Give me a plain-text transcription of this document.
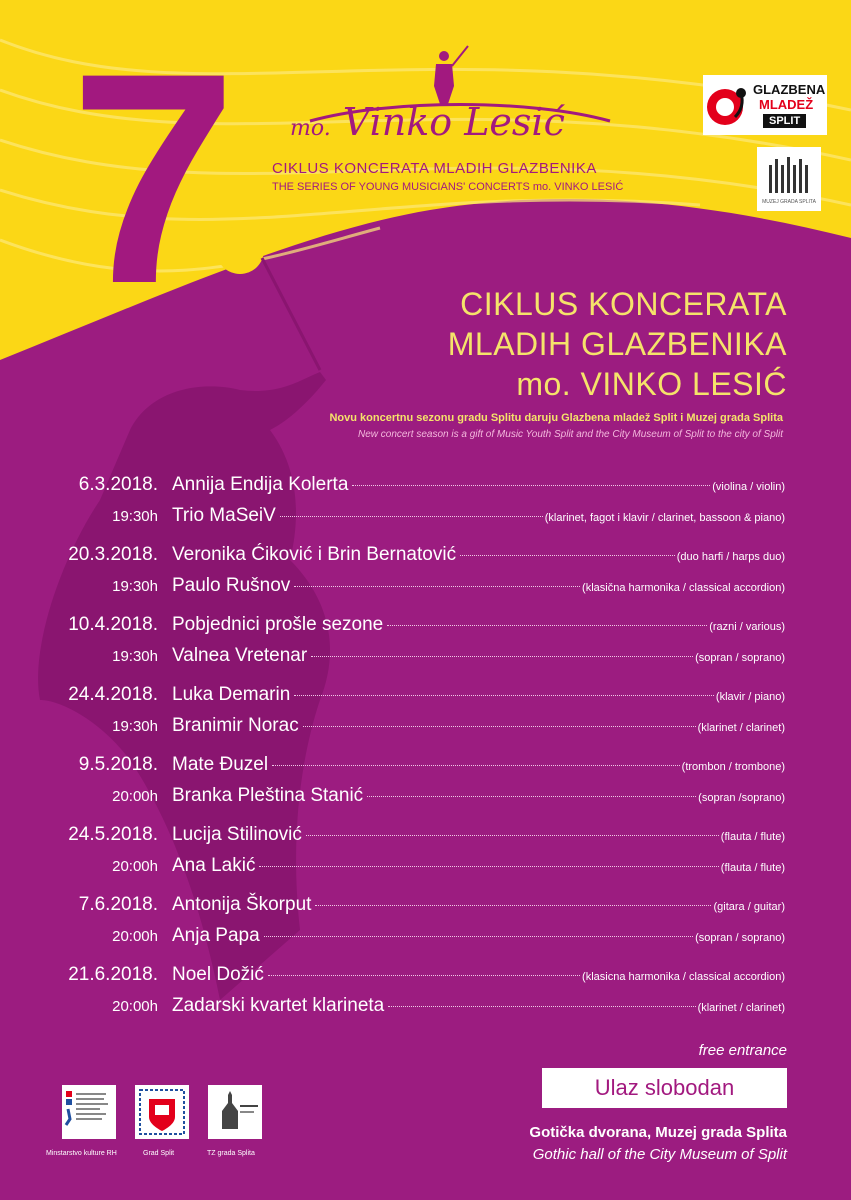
7	mo. Vinko Lesić
CIKLUS KONCERATA MLADIH GLAZBENIKA
THE SERIES OF YOUNG MUSICIANS' CONCERTS mo. VINKO LESIĆ
GLAZBENA
MLADEŽ
SPLIT
MUZEJ GRADA SPLITA
CIKLUS KONCERATA
MLADIH GLAZBENIKA
mo. VINKO LESIĆ
Novu koncertnu sezonu gradu Splitu daruju Glazbena mladež Split i Muzej grada Splita
New concert season is a gift of Music Youth Split and the City Museum of Split to the city of Split
6.3.2018. Annija Endija Kolerta	(violina / violin)
19:30h Trio MaSeiV	(klarinet, fagot i klavir / clarinet, bassoon & piano)
20.3.2018. Veronika Ćiković i Brin Bernatović	(duo harfi / harps duo)
19:30h Paulo Rušnov	(klasična harmonika / classical accordion)
10.4.2018. Pobjednici prošle sezone	(razni / various)
19:30h Valnea Vretenar	(sopran / soprano)
24.4.2018. Luka Demarin	(klavir / piano)
19:30h Branimir Norac	(klarinet / clarinet)
9.5.2018. Mate Đuzel	(trombon / trombone)
20:00h Branka Pleština Stanić	(sopran /soprano)
24.5.2018. Lucija Stilinović	(flauta / flute)
20:00h Ana Lakić	(flauta / flute)
7.6.2018. Antonija Škorput	(gitara / guitar)
20:00h Anja Papa	(sopran / soprano)
21.6.2018. Noel Dožić	(klasicna harmonika / classical accordion)
20:00h Zadarski kvartet klarineta	(klarinet / clarinet)
free entrance
Ulaz slobodan
Gotička dvorana, Muzej grada Splita
Gothic hall of the City Museum of Split
Minstarstvo kulture RH	Grad Split	TZ grada Splita
